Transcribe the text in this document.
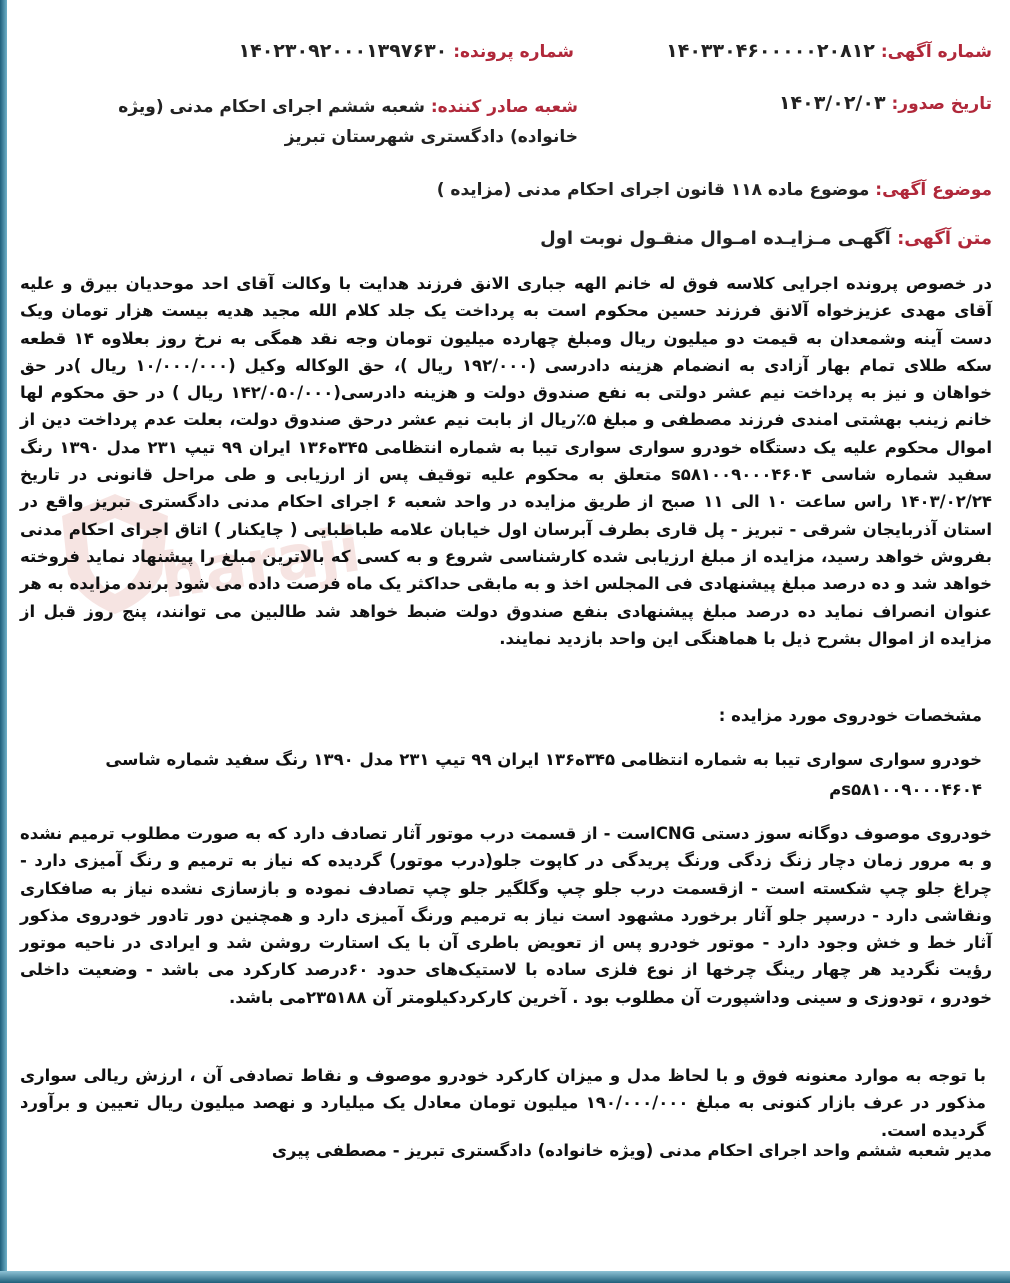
haraji
شماره آگهی: ۱۴۰۳۳۰۴۶۰۰۰۰۰۲۰۸۱۲
شماره پرونده: ۱۴۰۲۳۰۹۲۰۰۰۱۳۹۷۶۳۰
تاریخ صدور: ۱۴۰۳/۰۲/۰۳
شعبه صادر کننده: شعبه ششم اجرای احکام مدنی (ویژه خانواده) دادگستری شهرستان تبریز
موضوع آگهی: موضوع ماده ۱۱۸ قانون اجرای احکام مدنی (مزایده )
متن آگهی: آگهـی مـزایـده امـوال منقـول نوبت اول
در خصوص پرونده اجرایی کلاسه فوق له خانم الهه جباری الانق فرزند هدایت با وکالت آقای احد موحدیان بیرق و علیه آقای مهدی عزیزخواه آلانق فرزند حسین محکوم است به پرداخت یک جلد کلام الله مجید هدیه بیست هزار تومان ویک دست آینه وشمعدان به قیمت دو میلیون ریال ومبلغ چهارده میلیون تومان وجه نقد همگی به نرخ روز بعلاوه ۱۴ قطعه سکه طلای تمام بهار آزادی به انضمام هزینه دادرسی (۱۹۲/۰۰۰ ریال )، حق الوکاله وکیل (۱۰/۰۰۰/۰۰۰ ریال )در حق خواهان و نیز به پرداخت نیم عشر دولتی به نفع صندوق دولت و هزینه دادرسی(۱۴۲/۰۵۰/۰۰۰ ریال ) در حق محکوم لها خانم زینب بهشتی امندی فرزند مصطفی و مبلغ ۵٪ریال از بابت نیم عشر درحق صندوق دولت، بعلت عدم پرداخت دین از اموال محکوم علیه یک دستگاه خودرو سواری سواری تیبا به شماره انتظامی ۳۴۵ه۱۳۶ ایران ۹۹ تیپ ۲۳۱ مدل ۱۳۹۰ رنگ سفید شماره شاسی s۵۸۱۰۰۹۰۰۰۴۶۰۴ متعلق به محکوم علیه توقیف پس از ارزیابی و طی مراحل قانونی در تاریخ ۱۴۰۳/۰۲/۲۴ راس ساعت ۱۰ الی ۱۱ صبح از طریق مزایده در واحد شعبه ۶ اجرای احکام مدنی دادگستری تبریز واقع در استان آذربایجان شرقی - تبریز - پل قاری بطرف آبرسان اول خیابان علامه طباطبایی ( چایکنار ) اتاق اجرای احکام مدنی بفروش خواهد رسید، مزایده از مبلغ ارزیابی شده کارشناسی شروع و به کسی که بالاترین مبلغ را پیشنهاد نماید فروخته خواهد شد و ده درصد مبلغ پیشنهادی فی المجلس اخذ و به مابقی حداکثر یک ماه فرصت داده می شود برنده مزایده به هر عنوان انصراف نماید ده درصد مبلغ پیشنهادی بنفع صندوق دولت ضبط خواهد شد طالبین می توانند، پنج روز قبل از مزایده از اموال بشرح ذیل با هماهنگی این واحد بازدید نمایند.
مشخصات خودروی مورد مزایده :
خودرو سواری سواری تیبا به شماره انتظامی ۳۴۵ه۱۳۶ ایران ۹۹ تیپ ۲۳۱ مدل ۱۳۹۰ رنگ سفید شماره شاسی s۵۸۱۰۰۹۰۰۰۴۶۰۴م
خودروی موصوف دوگانه سوز دستی CNGاست - از قسمت درب موتور آثار تصادف دارد که به صورت مطلوب ترمیم نشده و به مرور زمان دچار زنگ زدگی ورنگ پریدگی در کاپوت جلو(درب موتور) گردیده که نیاز به ترمیم و رنگ آمیزی دارد - چراغ جلو چپ شکسته است - ازقسمت درب جلو چپ وگلگیر جلو چپ تصادف نموده و بازسازی نشده نیاز به صافکاری ونقاشی دارد - درسپر جلو آثار برخورد مشهود است نیاز به ترمیم ورنگ آمیزی دارد و همچنین دور تادور خودروی مذکور آثار خط و خش وجود دارد - موتور خودرو پس از تعویض باطری آن با یک استارت روشن شد و ایرادی در ناحیه موتور رؤیت نگردید هر چهار رینگ چرخها از نوع فلزی ساده با لاستیک‌های حدود ۶۰درصد کارکرد می باشد - وضعیت داخلی خودرو ، تودوزی و سینی وداشپورت آن مطلوب بود . آخرین کارکردکیلومتر آن ۲۳۵۱۸۸می باشد.
با توجه به موارد معنونه فوق و با لحاظ مدل و میزان کارکرد خودرو موصوف و نقاط تصادفی آن ، ارزش ریالی سواری مذکور در عرف بازار کنونی به مبلغ ۱۹۰/۰۰۰/۰۰۰ میلیون تومان معادل یک میلیارد و نهصد میلیون ریال تعیین و برآورد گردیده است.
مدیر شعبه ششم واحد اجرای احکام مدنی (ویژه خانواده) دادگستری تبریز - مصطفی پیری
